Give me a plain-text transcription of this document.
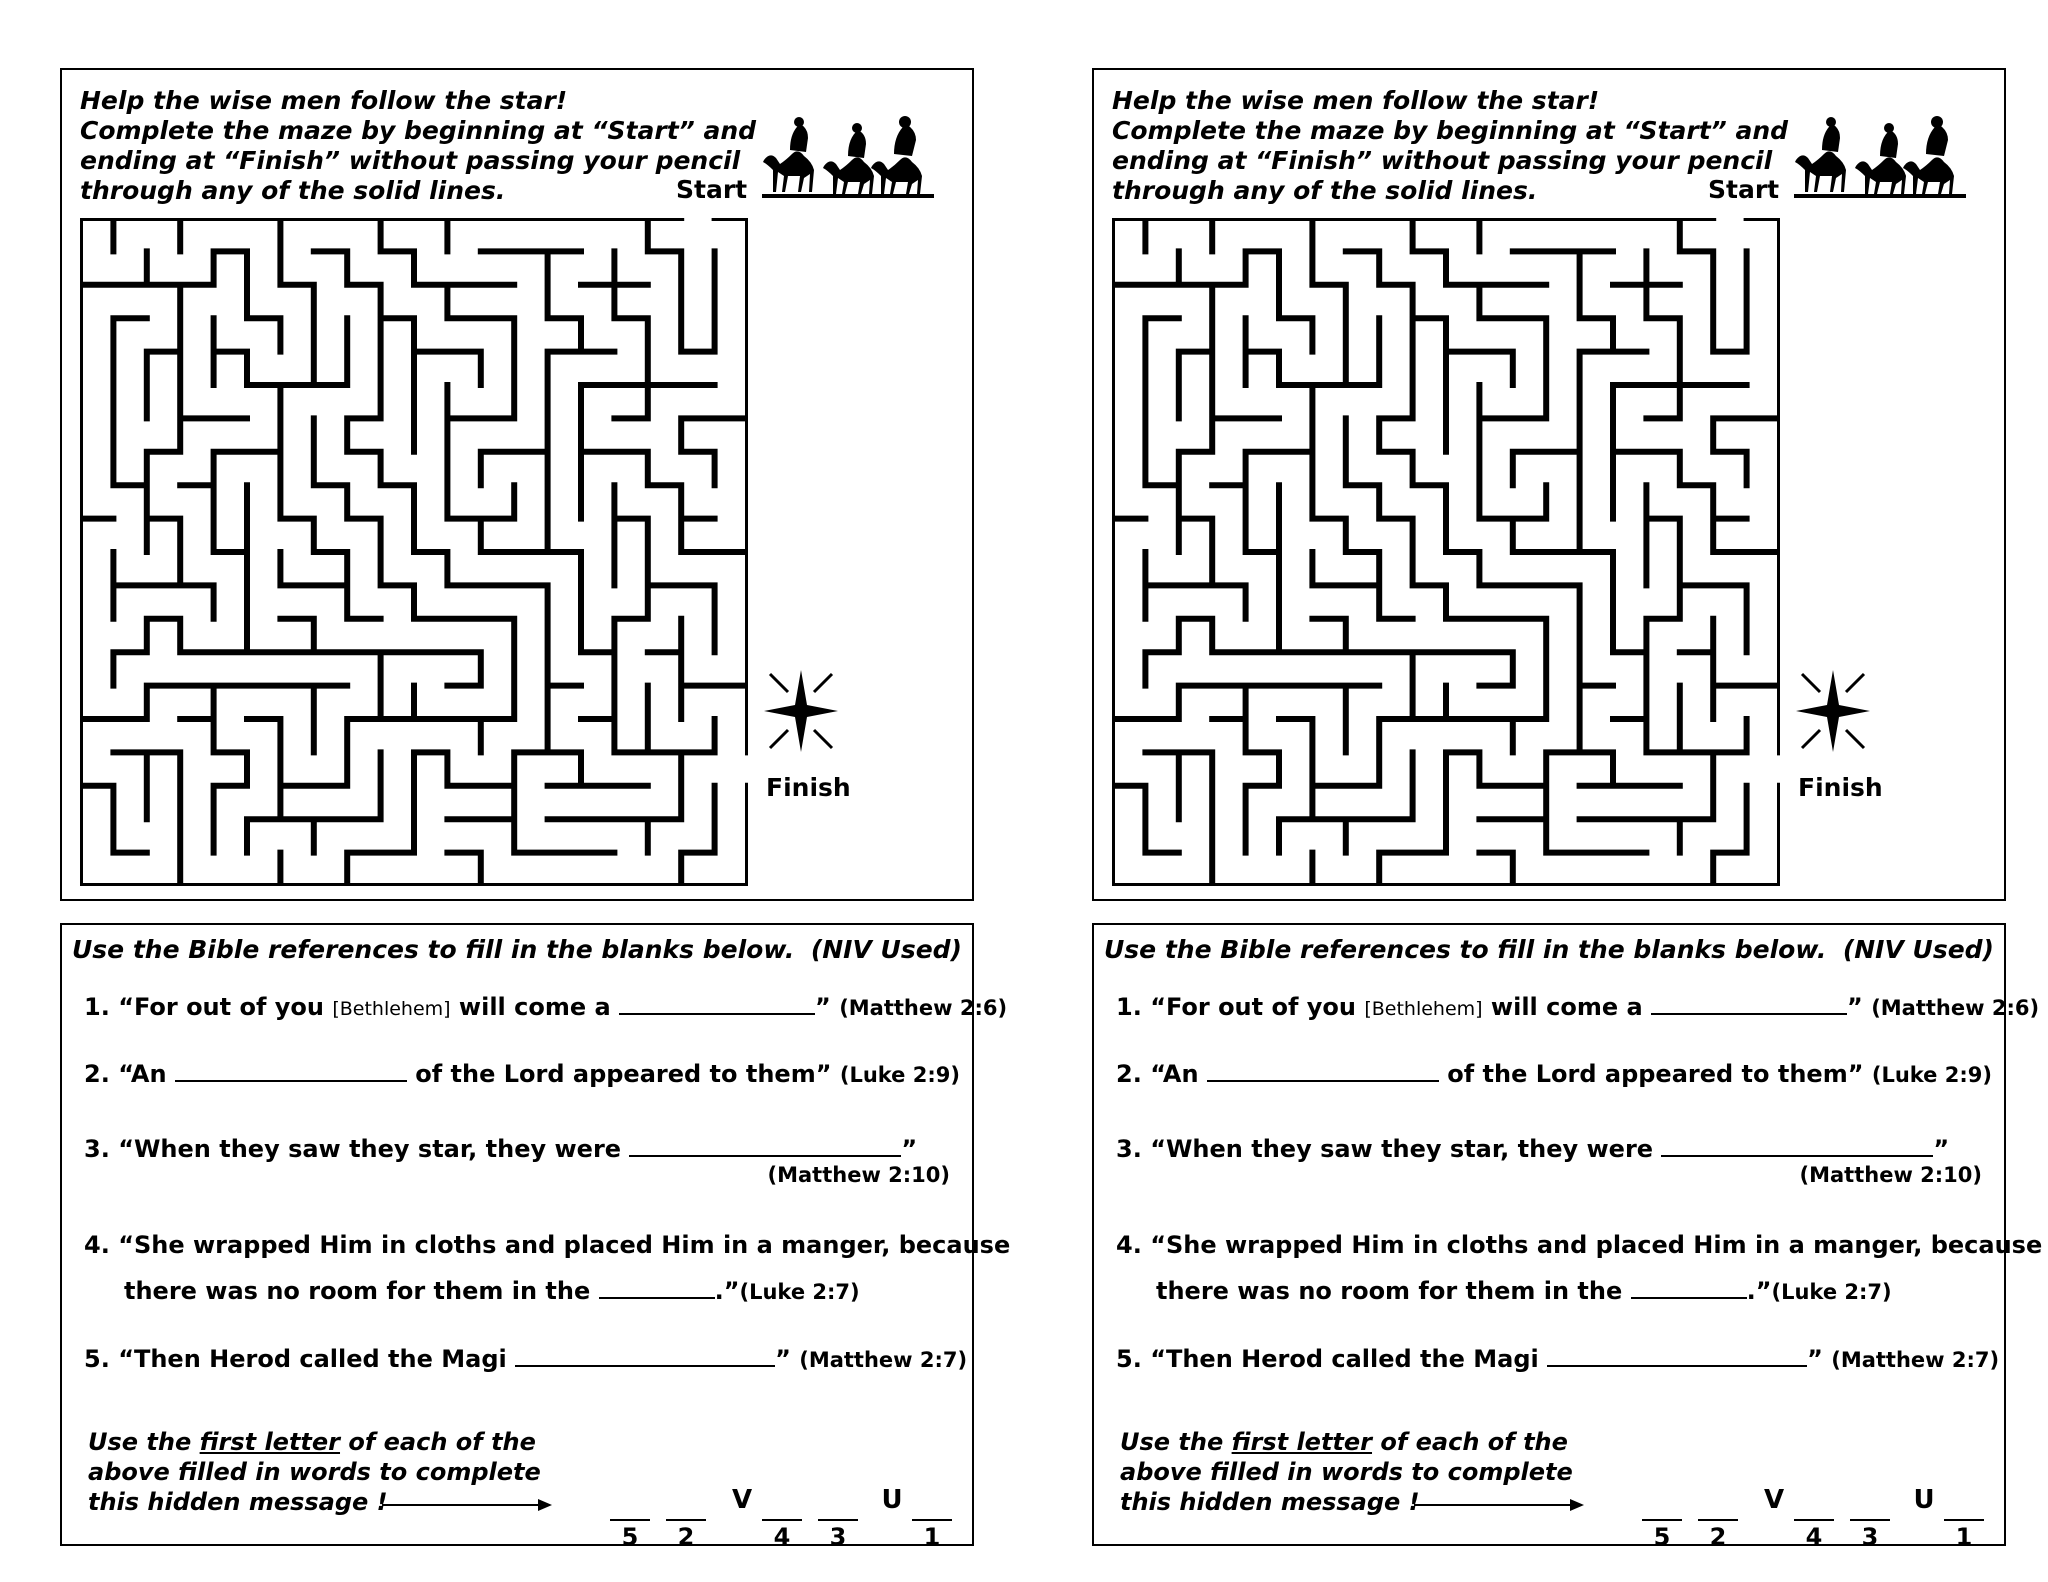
Help the wise men follow the star!
Complete the maze by beginning at “Start” and
ending at “Finish” without passing your pencil
through any of the solid lines.	Start
Finish
Help the wise men follow the star!
Complete the maze by beginning at “Start” and
ending at “Finish” without passing your pencil
through any of the solid lines.	Start
Finish
Use the Bible references to fill in the blanks below. (NIV Used)
1. “For out of you [Bethlehem] will come a	” (Matthew 2:6)
2. “An	of the Lord appeared to them” (Luke 2:9)
3. “When they saw they star, they were	”
(Matthew 2:10)
4. “She wrapped Him in cloths and placed Him in a manger, because
there was no room for them in the	.”(Luke 2:7)
5. “Then Herod called the Magi	” (Matthew 2:7)
Use the first letter of each of the
above filled in words to complete
this hidden message !
5	2
V
4	3
U
1
Use the Bible references to fill in the blanks below. (NIV Used)
1. “For out of you [Bethlehem] will come a	” (Matthew 2:6)
2. “An	of the Lord appeared to them” (Luke 2:9)
3. “When they saw they star, they were	”
(Matthew 2:10)
4. “She wrapped Him in cloths and placed Him in a manger, because
there was no room for them in the	.”(Luke 2:7)
5. “Then Herod called the Magi	” (Matthew 2:7)
Use the first letter of each of the
above filled in words to complete
this hidden message !
5	2
V
4	3
U
1
